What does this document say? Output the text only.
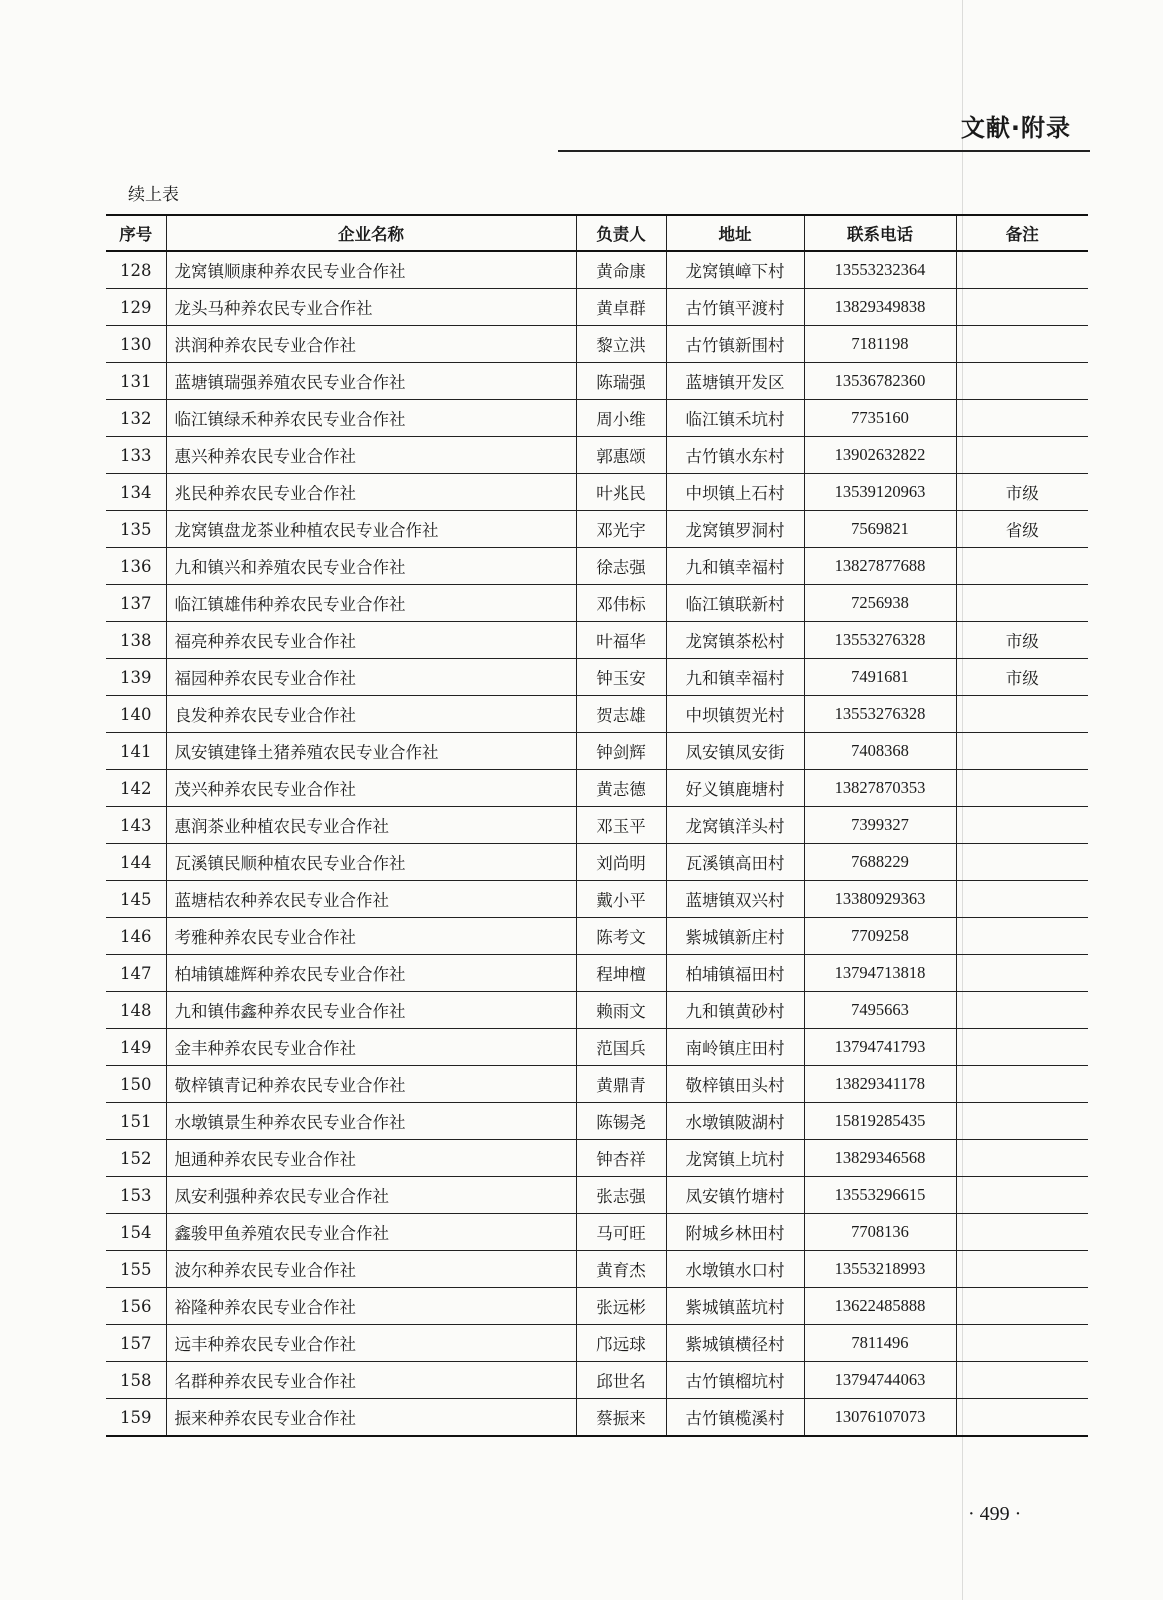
文献·附录
续上表
序号	企业名称	负责人	地址	联系电话	备注
128	龙窝镇顺康种养农民专业合作社	黄命康	龙窝镇嶂下村	13553232364	
129	龙头马种养农民专业合作社	黄卓群	古竹镇平渡村	13829349838	
130	洪润种养农民专业合作社	黎立洪	古竹镇新围村	7181198	
131	蓝塘镇瑞强养殖农民专业合作社	陈瑞强	蓝塘镇开发区	13536782360	
132	临江镇绿禾种养农民专业合作社	周小维	临江镇禾坑村	7735160	
133	惠兴种养农民专业合作社	郭惠颂	古竹镇水东村	13902632822	
134	兆民种养农民专业合作社	叶兆民	中坝镇上石村	13539120963	市级
135	龙窝镇盘龙茶业种植农民专业合作社	邓光宇	龙窝镇罗洞村	7569821	省级
136	九和镇兴和养殖农民专业合作社	徐志强	九和镇幸福村	13827877688	
137	临江镇雄伟种养农民专业合作社	邓伟标	临江镇联新村	7256938	
138	福亮种养农民专业合作社	叶福华	龙窝镇茶松村	13553276328	市级
139	福园种养农民专业合作社	钟玉安	九和镇幸福村	7491681	市级
140	良发种养农民专业合作社	贺志雄	中坝镇贺光村	13553276328	
141	凤安镇建锋土猪养殖农民专业合作社	钟剑辉	凤安镇凤安街	7408368	
142	茂兴种养农民专业合作社	黄志德	好义镇鹿塘村	13827870353	
143	惠润茶业种植农民专业合作社	邓玉平	龙窝镇洋头村	7399327	
144	瓦溪镇民顺种植农民专业合作社	刘尚明	瓦溪镇高田村	7688229	
145	蓝塘桔农种养农民专业合作社	戴小平	蓝塘镇双兴村	13380929363	
146	考雅种养农民专业合作社	陈考文	紫城镇新庄村	7709258	
147	柏埔镇雄辉种养农民专业合作社	程坤檀	柏埔镇福田村	13794713818	
148	九和镇伟鑫种养农民专业合作社	赖雨文	九和镇黄砂村	7495663	
149	金丰种养农民专业合作社	范国兵	南岭镇庄田村	13794741793	
150	敬梓镇青记种养农民专业合作社	黄鼎青	敬梓镇田头村	13829341178	
151	水墩镇景生种养农民专业合作社	陈锡尧	水墩镇陂湖村	15819285435	
152	旭通种养农民专业合作社	钟杏祥	龙窝镇上坑村	13829346568	
153	凤安利强种养农民专业合作社	张志强	凤安镇竹塘村	13553296615	
154	鑫骏甲鱼养殖农民专业合作社	马可旺	附城乡林田村	7708136	
155	波尔种养农民专业合作社	黄育杰	水墩镇水口村	13553218993	
156	裕隆种养农民专业合作社	张远彬	紫城镇蓝坑村	13622485888	
157	远丰种养农民专业合作社	邝远球	紫城镇横径村	7811496	
158	名群种养农民专业合作社	邱世名	古竹镇榴坑村	13794744063	
159	振来种养农民专业合作社	蔡振来	古竹镇榄溪村	13076107073	
· 499 ·
